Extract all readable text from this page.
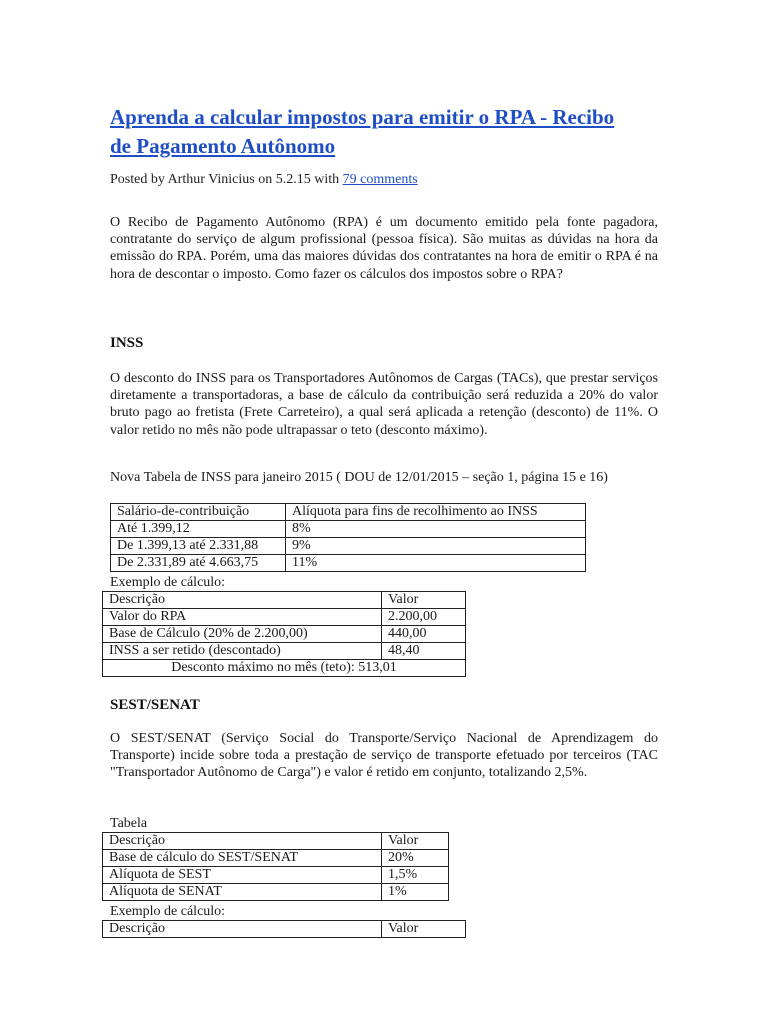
Aprenda a calcular impostos para emitir o RPA - Recibo de Pagamento Autônomo
Posted by Arthur Vinicius on 5.2.15 with 79 comments

O Recibo de Pagamento Autônomo (RPA) é um documento emitido pela fonte pagadora, contratante do serviço de algum profissional (pessoa física). São muitas as dúvidas na hora da emissão do RPA. Porém, uma das maiores dúvidas dos contratantes na hora de emitir o RPA é na hora de descontar o imposto. Como fazer os cálculos dos impostos sobre o RPA?

INSS

O desconto do INSS para os Transportadores Autônomos de Cargas (TACs), que prestar serviços diretamente a transportadoras, a base de cálculo da contribuição será reduzida a 20% do valor bruto pago ao fretista (Frete Carreteiro), a qual será aplicada a retenção (desconto) de 11%. O valor retido no mês não pode ultrapassar o teto (desconto máximo).

Nova Tabela de INSS para janeiro 2015 ( DOU de 12/01/2015 – seção 1, página 15 e 16)
Salário-de-contribuição	Alíquota para fins de recolhimento ao INSS
Até 1.399,12	8%
De 1.399,13 até 2.331,88	9%
De 2.331,89 até 4.663,75	11%
Exemplo de cálculo:
Descrição	Valor
Valor do RPA	2.200,00
Base de Cálculo (20% de 2.200,00)	440,00
INSS a ser retido (descontado)	48,40
Desconto máximo no mês (teto): 513,01	
SEST/SENAT

O SEST/SENAT (Serviço Social do Transporte/Serviço Nacional de Aprendizagem do Transporte) incide sobre toda a prestação de serviço de transporte efetuado por terceiros (TAC "Transportador Autônomo de Carga") e valor é retido em conjunto, totalizando 2,5%.

Tabela
Descrição	Valor
Base de cálculo do SEST/SENAT	20%
Alíquota de SEST	1,5%
Alíquota de SENAT	1%
Exemplo de cálculo:
Descrição	Valor
